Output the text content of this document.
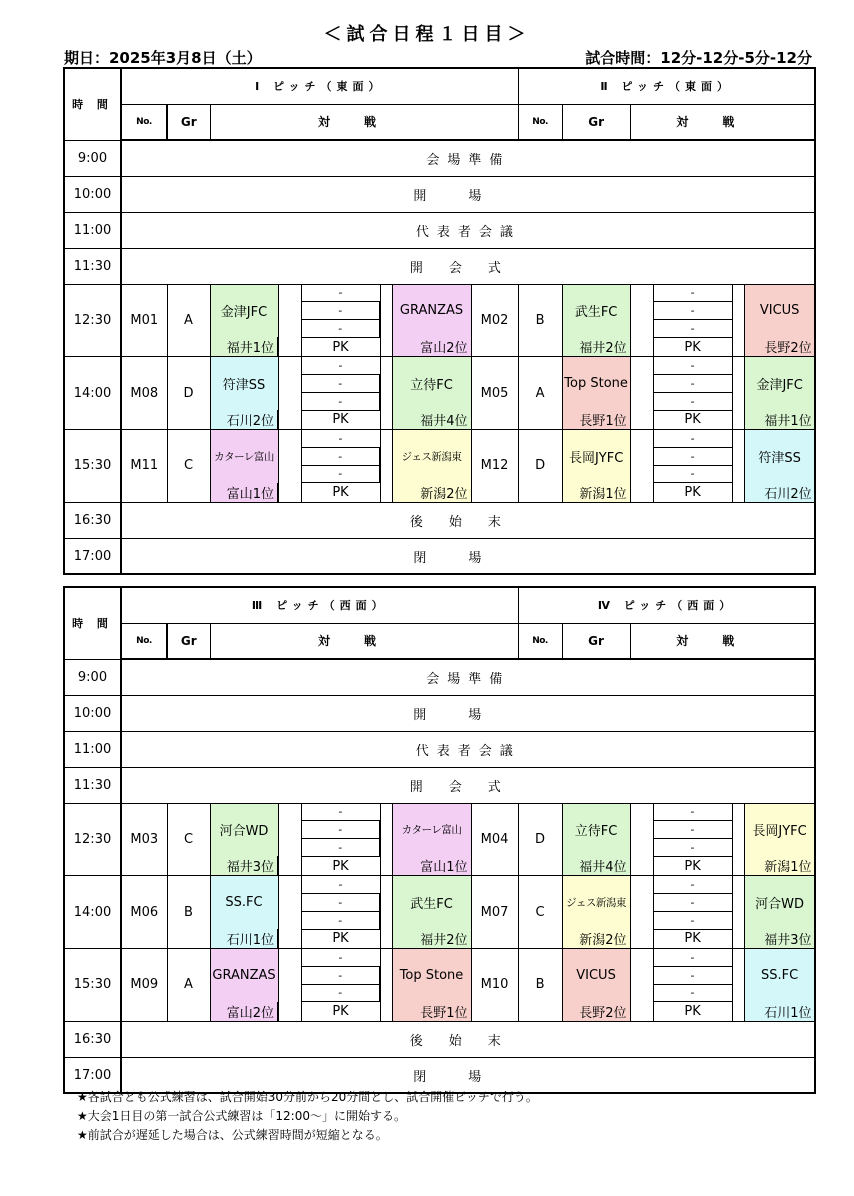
＜試合日程１日目＞
期日：2025年3月8日（土）	試合時間：12分-12分-5分-12分
時 間	Ⅰ ピッチ（東面）								Ⅱ ピッチ（東面）					
	No.	Gr	対戦						No.	Gr	対戦			
9:00	会場準備													
10:00	開場													
11:00	代表者会議													
11:30	開会式													
12:30	M01	A	金津JFC		-		GRANZAS	M02	B	武生FC		-		VICUS
					-							-		
					-							-		
			福井1位		PK		富山2位			福井2位		PK		長野2位
14:00	M08	D	符津SS		-		立待FC	M05	A	Top Stone		-		金津JFC
					-							-		
					-							-		
			石川2位		PK		福井4位			長野1位		PK		福井1位
15:30	M11	C	カターレ富山		-		ジェス新潟東	M12	D	長岡JYFC		-		符津SS
					-							-		
					-							-		
			富山1位		PK		新潟2位			新潟1位		PK		石川2位
16:30	後始末													
17:00	閉場													
時 間	Ⅲ ピッチ（西面）								Ⅳ ピッチ（西面）					
	No.	Gr	対戦						No.	Gr	対戦			
9:00	会場準備													
10:00	開場													
11:00	代表者会議													
11:30	開会式													
12:30	M03	C	河合WD		-		カターレ富山	M04	D	立待FC		-		長岡JYFC
					-							-		
					-							-		
			福井3位		PK		富山1位			福井4位		PK		新潟1位
14:00	M06	B	SS.FC		-		武生FC	M07	C	ジェス新潟東		-		河合WD
					-							-		
					-							-		
			石川1位		PK		福井2位			新潟2位		PK		福井3位
15:30	M09	A	GRANZAS		-		Top Stone	M10	B	VICUS		-		SS.FC
					-							-		
					-							-		
			富山2位		PK		長野1位			長野2位		PK		石川1位
16:30	後始末													
17:00	閉場													
★各試合とも公式練習は、試合開始30分前から20分間とし、試合開催ピッチで行う。
★大会1日目の第一試合公式練習は「12:00～」に開始する。
★前試合が遅延した場合は、公式練習時間が短縮となる。
